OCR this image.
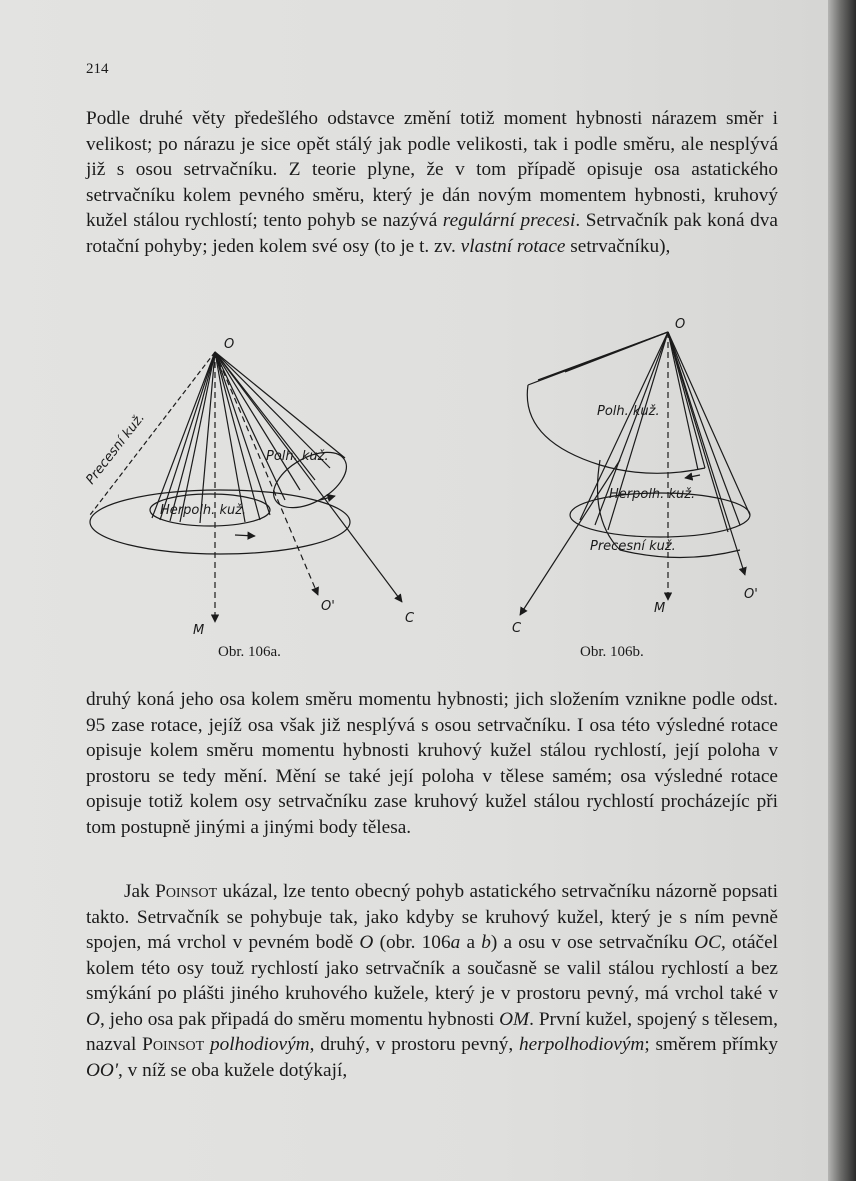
214

Podle druhé věty předešlého odstavce změní totiž moment hybnosti nárazem směr i velikost; po nárazu je sice opět stálý jak podle velikosti, tak i podle směru, ale nesplývá již s osou setrvačníku. Z teorie plyne, že v tom případě opisuje osa astatického setrvačníku kolem pevného směru, který je dán novým momentem hybnosti, kruhový kužel stálou rychlostí; tento pohyb se nazývá regulární precesi. Setrvačník pak koná dva rotační pohyby; jeden kolem své osy (to je t. zv. vlastní rotace setrvačníku),

O
Precesní kuž.	Polh. kuž.
Herpolh. kuž.
M
O'
C
O
Polh. kuž.
Herpolh. kuž.
Precesní kuž.
M
O'
C
Obr. 106a.	Obr. 106b.

druhý koná jeho osa kolem směru momentu hybnosti; jich složením vznikne podle odst. 95 zase rotace, jejíž osa však již nesplývá s osou setrvačníku. I osa této výsledné rotace opisuje kolem směru momentu hybnosti kruhový kužel stálou rychlostí, její poloha v prostoru se tedy mění. Mění se také její poloha v tělese samém; osa výsledné rotace opisuje totiž kolem osy setrvačníku zase kruhový kužel stálou rychlostí procházejíc při tom postupně jinými a jinými body tělesa.

Jak Poinsot ukázal, lze tento obecný pohyb astatického setrvačníku názorně popsati takto. Setrvačník se pohybuje tak, jako kdyby se kruhový kužel, který je s ním pevně spojen, má vrchol v pevném bodě O (obr. 106a a b) a osu v ose setrvačníku OC, otáčel kolem této osy touž rychlostí jako setrvačník a současně se valil stálou rychlostí a bez smýkání po plášti jiného kruhového kužele, který je v prostoru pevný, má vrchol také v O, jeho osa pak připadá do směru momentu hybnosti OM. První kužel, spojený s tělesem, nazval Poinsot polhodiovým, druhý, v prostoru pevný, herpolhodiovým; směrem přímky OO', v níž se oba kužele dotýkají,
